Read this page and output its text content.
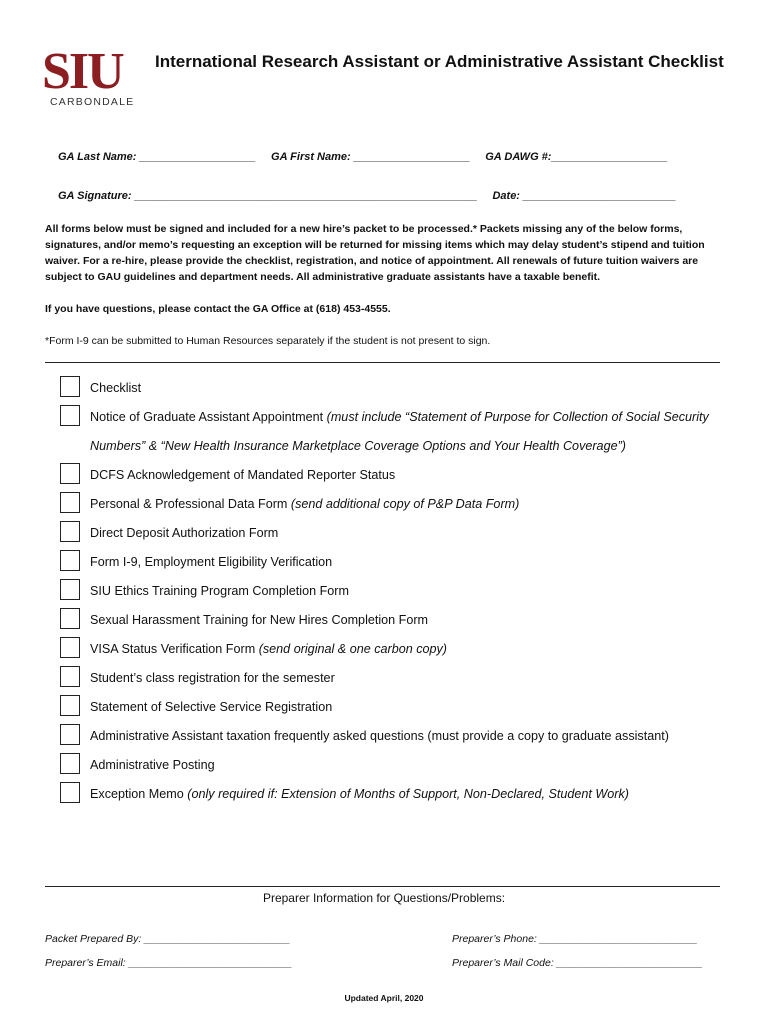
SIU
CARBONDALE
International Research Assistant or Administrative Assistant Checklist
GA Last Name: ___________________     GA First Name: ___________________     GA DAWG #:___________________
GA Signature: ________________________________________________________     Date: _________________________
All forms below must be signed and included for a new hire’s packet to be processed.* Packets missing any of the below forms, signatures, and/or memo’s requesting an exception will be returned for missing items which may delay student’s stipend and tuition waiver. For a re-hire, please provide the checklist, registration, and notice of appointment. All renewals of future tuition waivers are subject to GAU guidelines and department needs. All administrative graduate assistants have a taxable benefit.
If you have questions, please contact the GA Office at (618) 453-4555.
*Form I-9 can be submitted to Human Resources separately if the student is not present to sign.
Checklist
Notice of Graduate Assistant Appointment (must include “Statement of Purpose for Collection of Social Security Numbers” & “New Health Insurance Marketplace Coverage Options and Your Health Coverage”)
DCFS Acknowledgement of Mandated Reporter Status
Personal & Professional Data Form (send additional copy of P&P Data Form)
Direct Deposit Authorization Form
Form I-9, Employment Eligibility Verification
SIU Ethics Training Program Completion Form
Sexual Harassment Training for New Hires Completion Form
VISA Status Verification Form (send original & one carbon copy)
Student’s class registration for the semester
Statement of Selective Service Registration
Administrative Assistant taxation frequently asked questions (must provide a copy to graduate assistant)
Administrative Posting
Exception Memo (only required if: Extension of Months of Support, Non-Declared, Student Work)
Preparer Information for Questions/Problems:
Packet Prepared By: _________________________	Preparer’s Phone: ___________________________
Preparer’s Email: ____________________________	Preparer’s Mail Code: _________________________
Updated April, 2020
